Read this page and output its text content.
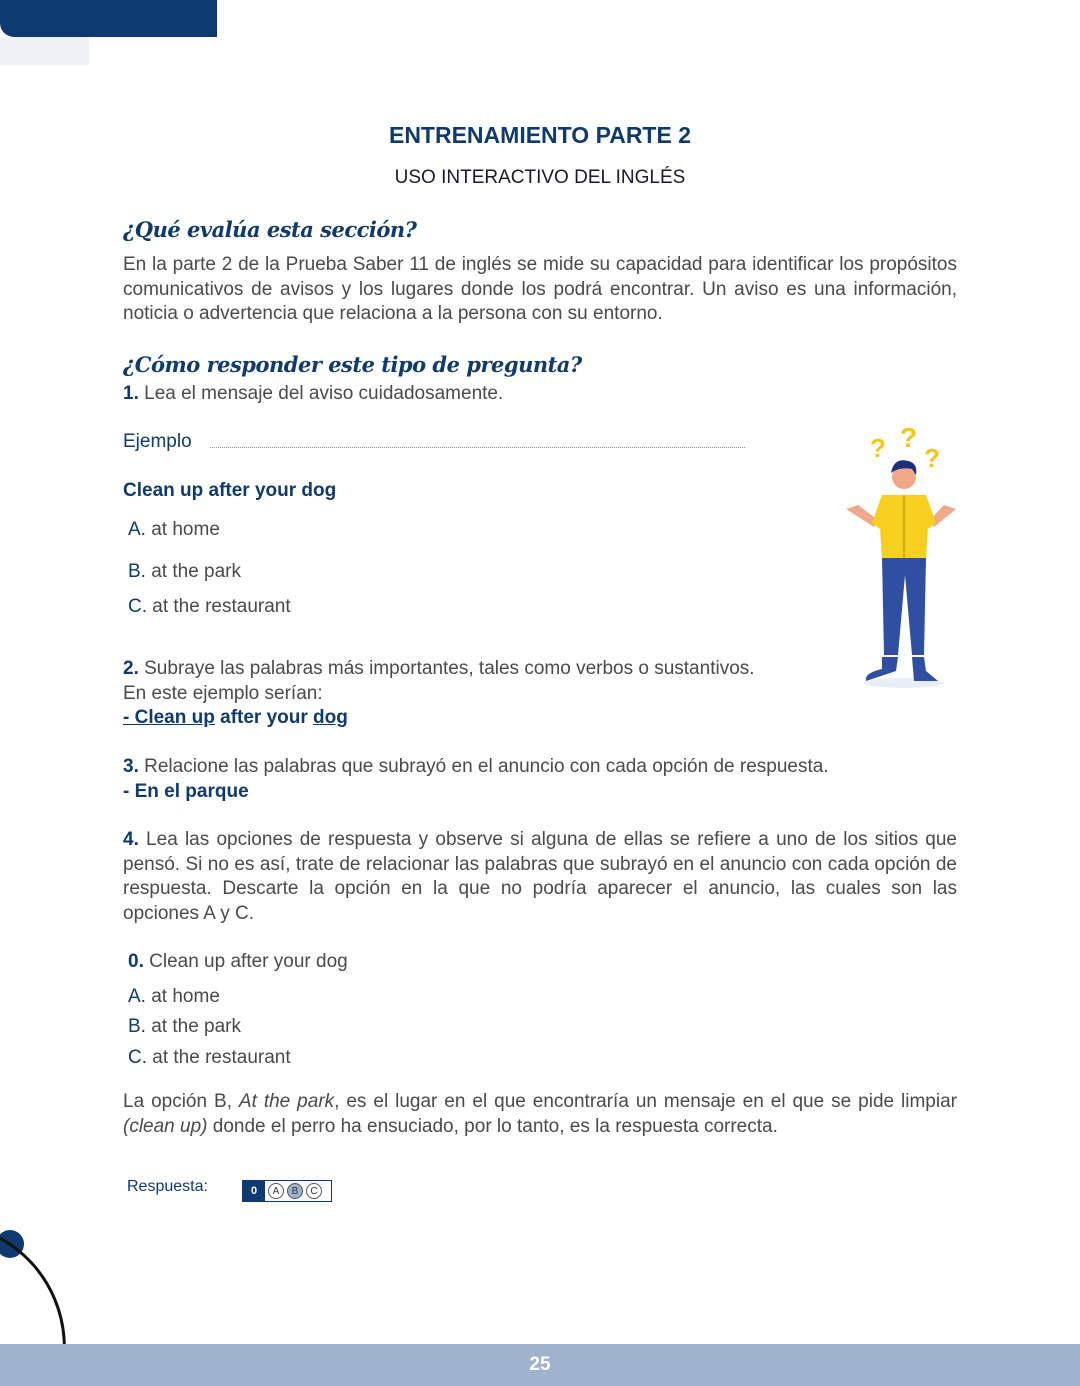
ENTRENAMIENTO PARTE 2
USO INTERACTIVO DEL INGLÉS
¿Qué evalúa esta sección?
En la parte 2 de la Prueba Saber 11 de inglés se mide su capacidad para identificar los propósitos comunicativos de avisos y los lugares donde los podrá encontrar. Un aviso es una información, noticia o advertencia que relaciona a la persona con su entorno.
¿Cómo responder este tipo de pregunta?
1. Lea el mensaje del aviso cuidadosamente.
Ejemplo
Clean up after your dog
A. at home
B. at the park
C. at the restaurant
? ?
?
2. Subraye las palabras más importantes, tales como verbos o sustantivos.
En este ejemplo serían:
- Clean up after your dog
3. Relacione las palabras que subrayó en el anuncio con cada opción de respuesta.
- En el parque
4. Lea las opciones de respuesta y observe si alguna de ellas se refiere a uno de los sitios que pensó. Si no es así, trate de relacionar las palabras que subrayó en el anuncio con cada opción de respuesta. Descarte la opción en la que no podría aparecer el anuncio, las cuales son las opciones A y C.
0. Clean up after your dog
A. at home
B. at the park
C. at the restaurant
La opción B, At the park, es el lugar en el que encontraría un mensaje en el que se pide limpiar (clean up) donde el perro ha ensuciado, por lo tanto, es la respuesta correcta.
Respuesta:	0	A	B	C
25
